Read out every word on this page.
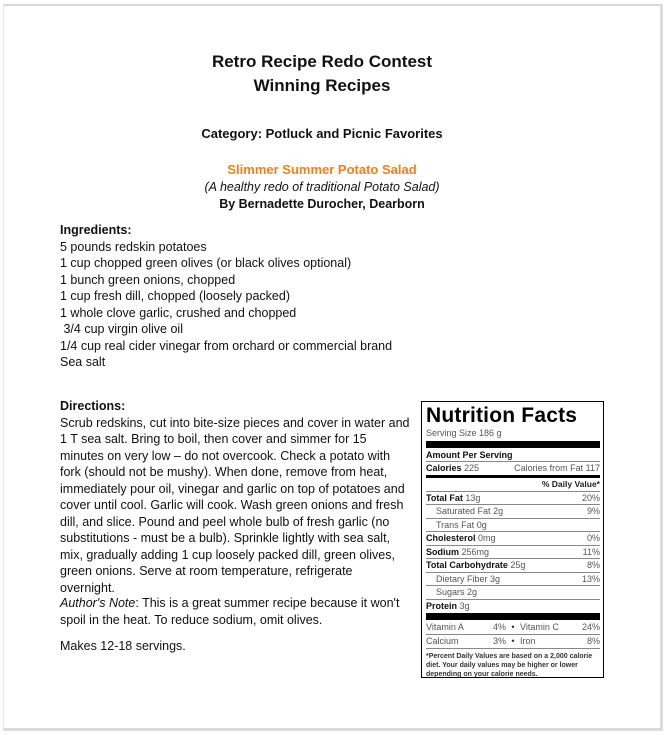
Retro Recipe Redo Contest
Winning Recipes
Category: Potluck and Picnic Favorites
Slimmer Summer Potato Salad
(A healthy redo of traditional Potato Salad)
By Bernadette Durocher, Dearborn
Ingredients:
5 pounds redskin potatoes
1 cup chopped green olives (or black olives optional)
1 bunch green onions, chopped
1 cup fresh dill, chopped (loosely packed)
1 whole clove garlic, crushed and chopped
3/4 cup virgin olive oil
1/4 cup real cider vinegar from orchard or commercial brand
Sea salt
Directions:

Scrub redskins, cut into bite-size pieces and cover in water and 1 T sea salt. Bring to boil, then cover and simmer for 15 minutes on very low – do not overcook. Check a potato with fork (should not be mushy). When done, remove from heat, immediately pour oil, vinegar and garlic on top of potatoes and cover until cool. Garlic will cook. Wash green onions and fresh dill, and slice. Pound and peel whole bulb of fresh garlic (no substitutions - must be a bulb). Sprinkle lightly with sea salt, mix, gradually adding 1 cup loosely packed dill, green olives, green onions. Serve at room temperature, refrigerate overnight.

Author's Note: This is a great summer recipe because it won't spoil in the heat. To reduce sodium, omit olives.
Makes 12-18 servings.
Nutrition Facts
Serving Size 186 g
Amount Per Serving
Calories 225	Calories from Fat 117
% Daily Value*
Total Fat 13g	20%
Saturated Fat 2g	9%
Trans Fat 0g
Cholesterol 0mg	0%
Sodium 256mg	11%
Total Carbohydrate 25g	8%
Dietary Fiber 3g	13%
Sugars 2g
Protein 3g
Vitamin A	4% • Vitamin C	24%
Calcium	3% • Iron	8%
*Percent Daily Values are based on a 2,000 calorie diet. Your daily values may be higher or lower depending on your calorie needs.
